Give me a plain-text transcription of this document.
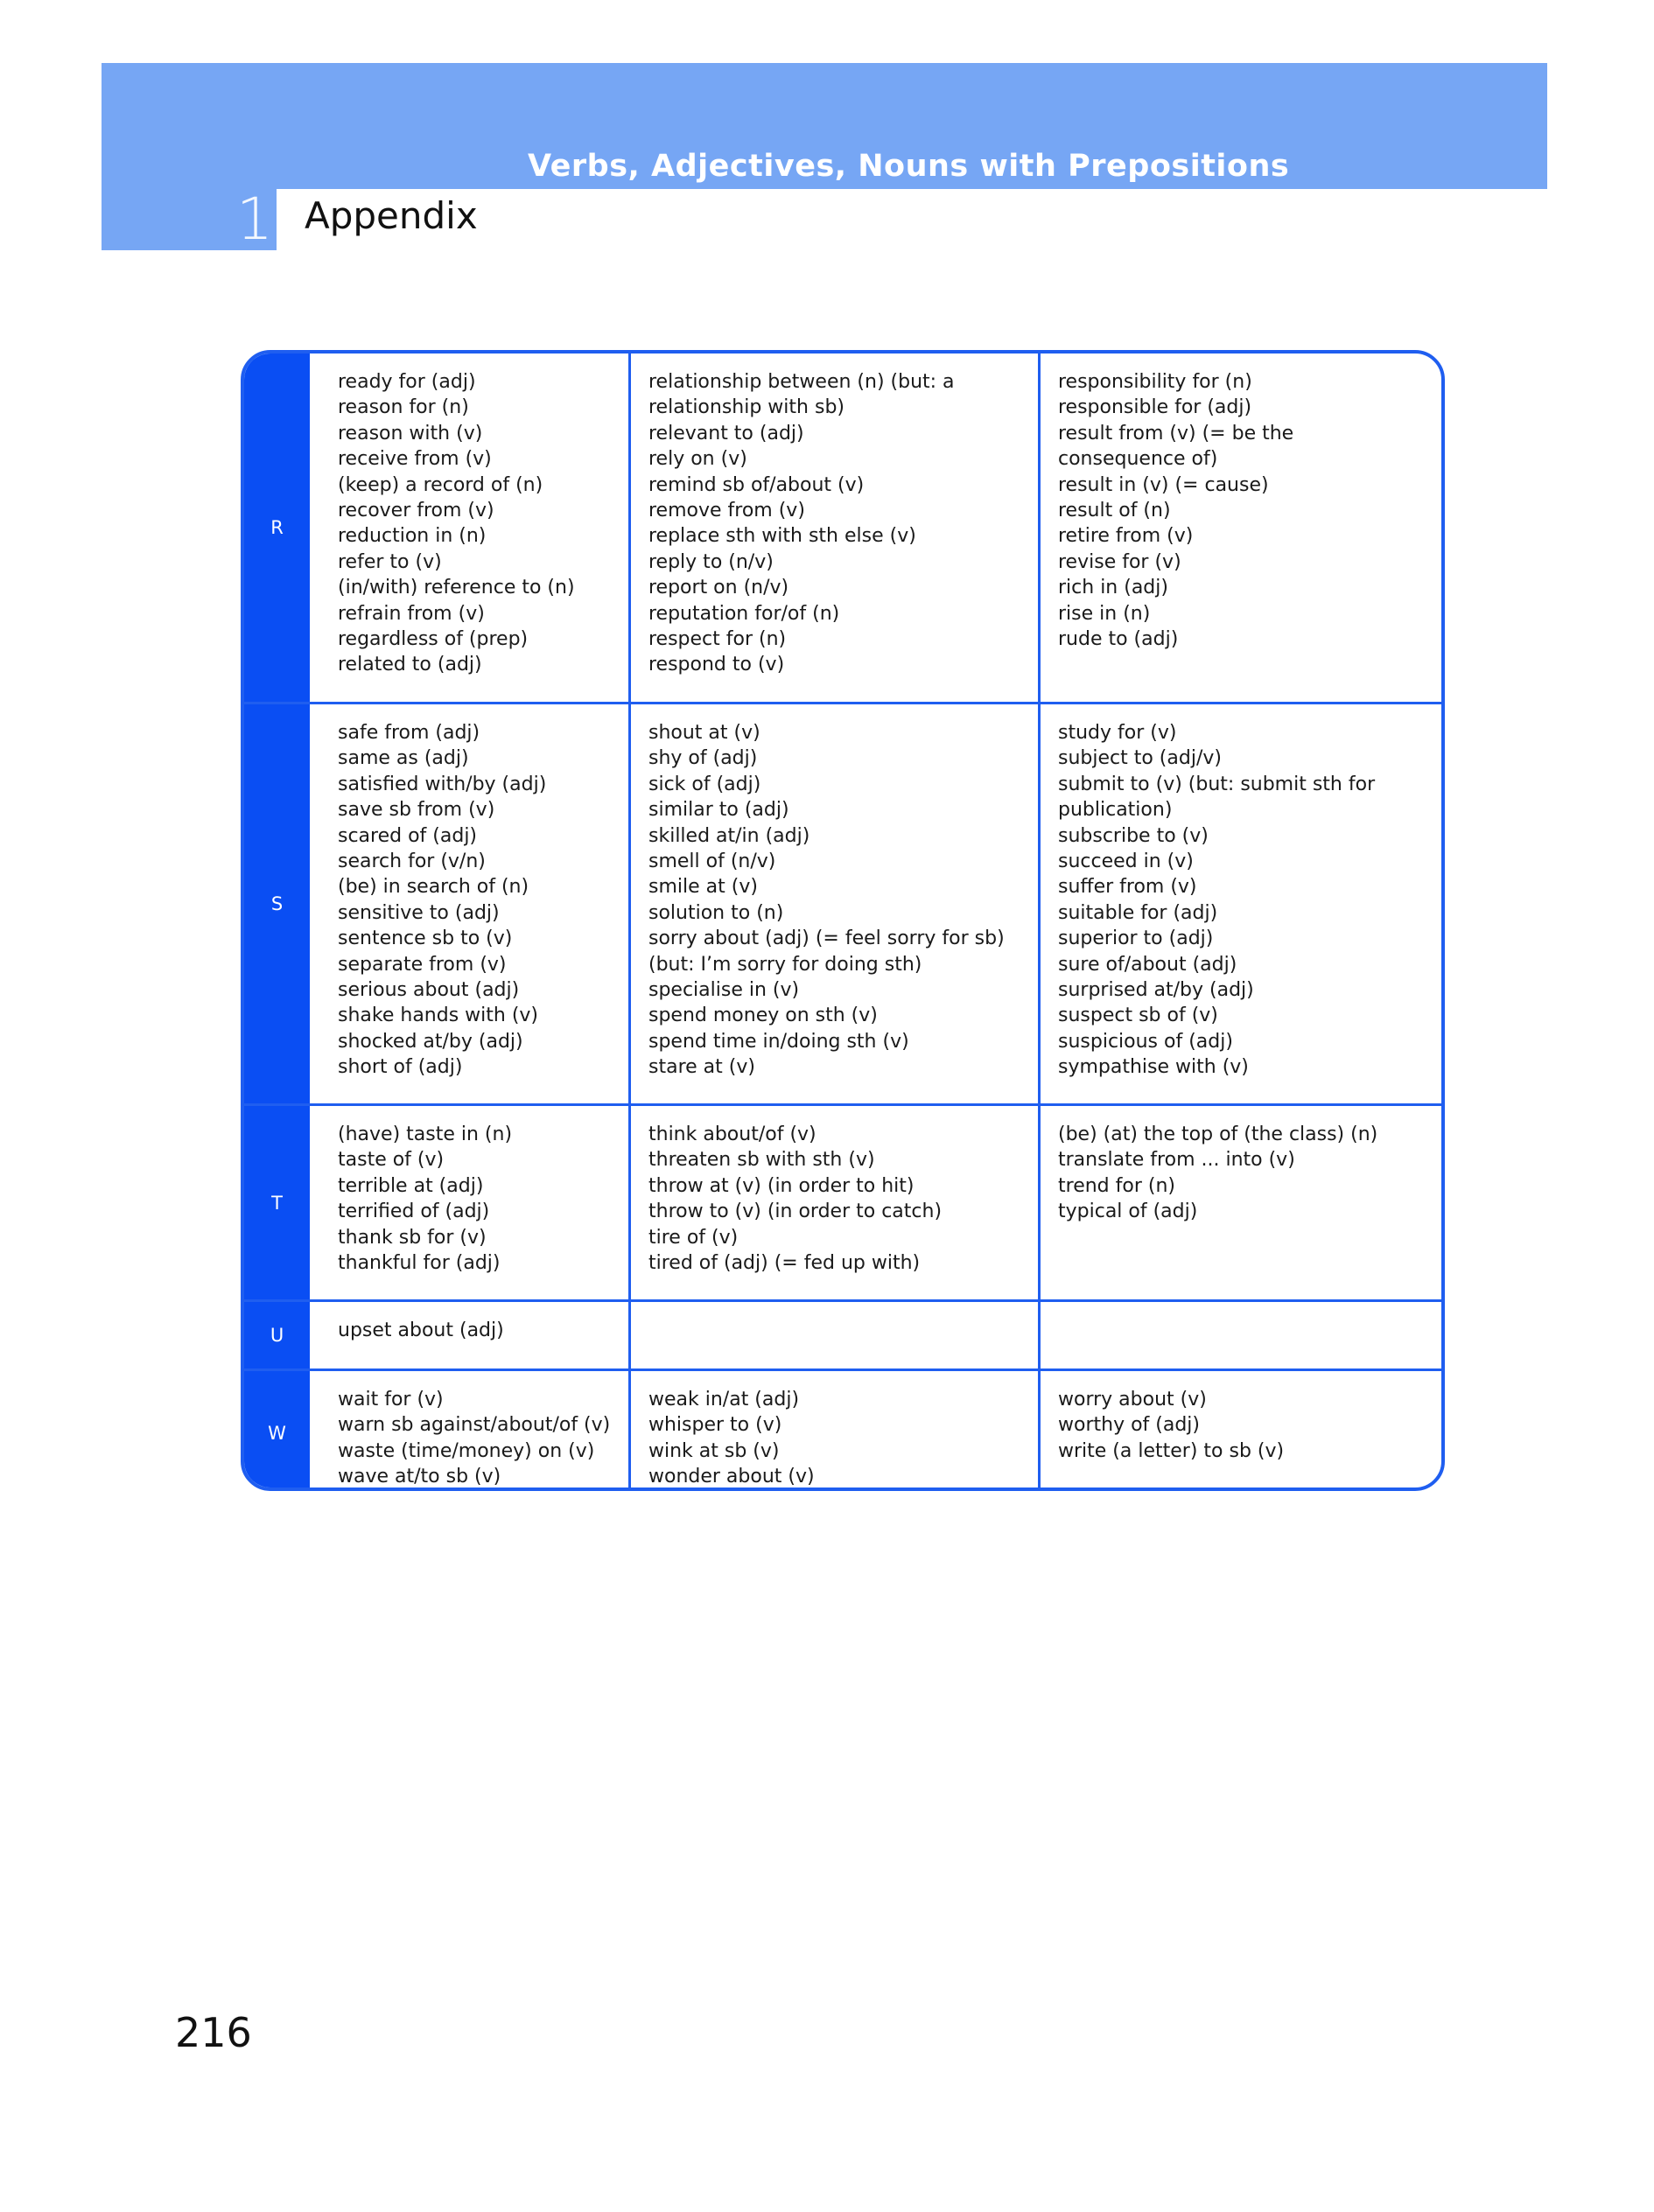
Verbs, Adjectives, Nouns with Prepositions
1 Appendix
R
ready for (adj)
reason for (n)
reason with (v)
receive from (v)
(keep) a record of (n)
recover from (v)
reduction in (n)
refer to (v)
(in/with) reference to (n)
refrain from (v)
regardless of (prep)
related to (adj)
relationship between (n) (but: a
relationship with sb)
relevant to (adj)
rely on (v)
remind sb of/about (v)
remove from (v)
replace sth with sth else (v)
reply to (n/v)
report on (n/v)
reputation for/of (n)
respect for (n)
respond to (v)
responsibility for (n)
responsible for (adj)
result from (v) (= be the
consequence of)
result in (v) (= cause)
result of (n)
retire from (v)
revise for (v)
rich in (adj)
rise in (n)
rude to (adj)
S
safe from (adj)
same as (adj)
satisfied with/by (adj)
save sb from (v)
scared of (adj)
search for (v/n)
(be) in search of (n)
sensitive to (adj)
sentence sb to (v)
separate from (v)
serious about (adj)
shake hands with (v)
shocked at/by (adj)
short of (adj)
shout at (v)
shy of (adj)
sick of (adj)
similar to (adj)
skilled at/in (adj)
smell of (n/v)
smile at (v)
solution to (n)
sorry about (adj) (= feel sorry for sb)
(but: I’m sorry for doing sth)
specialise in (v)
spend money on sth (v)
spend time in/doing sth (v)
stare at (v)
study for (v)
subject to (adj/v)
submit to (v) (but: submit sth for
publication)
subscribe to (v)
succeed in (v)
suffer from (v)
suitable for (adj)
superior to (adj)
sure of/about (adj)
surprised at/by (adj)
suspect sb of (v)
suspicious of (adj)
sympathise with (v)
T
(have) taste in (n)
taste of (v)
terrible at (adj)
terrified of (adj)
thank sb for (v)
thankful for (adj)
think about/of (v)
threaten sb with sth (v)
throw at (v) (in order to hit)
throw to (v) (in order to catch)
tire of (v)
tired of (adj) (= fed up with)
(be) (at) the top of (the class) (n)
translate from ... into (v)
trend for (n)
typical of (adj)
U	upset about (adj)
W
wait for (v)
warn sb against/about/of (v)
waste (time/money) on (v)
wave at/to sb (v)
weak in/at (adj)
whisper to (v)
wink at sb (v)
wonder about (v)
worry about (v)
worthy of (adj)
write (a letter) to sb (v)
216
